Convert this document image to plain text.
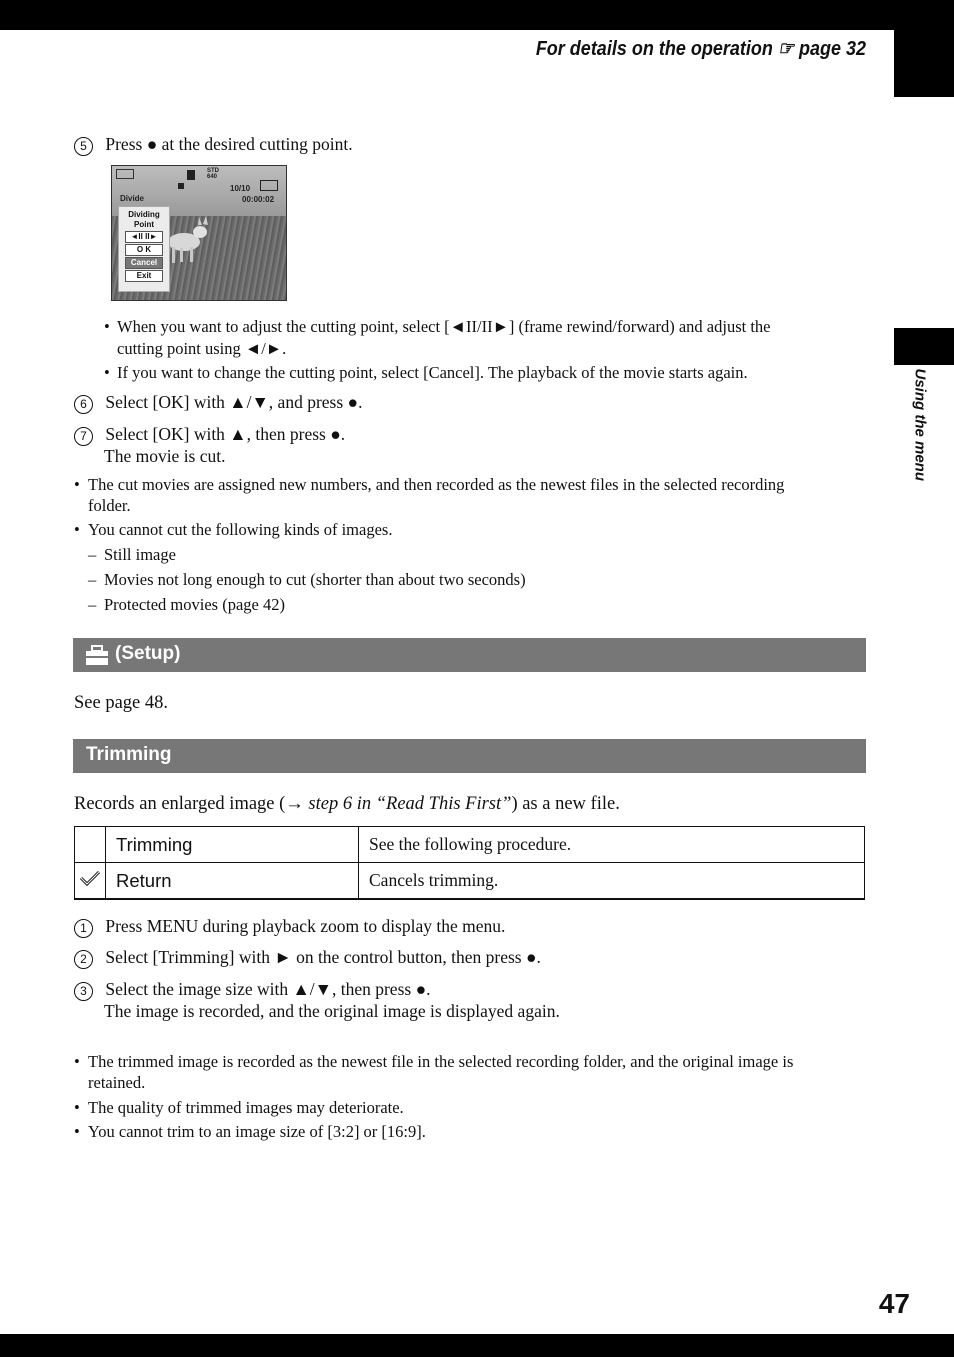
For details on the operation ☞ page 32
Using the menu
5 Press ● at the desired cutting point.
STD
640
10/10
Divide	00:00:02
Dividing
Point
◄II II►
O K
Cancel
Exit
• When you want to adjust the cutting point, select [◄II/II►] (frame rewind/forward) and adjust the
cutting point using ◄/►.
• If you want to change the cutting point, select [Cancel]. The playback of the movie starts again.
6 Select [OK] with ▲/▼, and press ●.
7 Select [OK] with ▲, then press ●.
The movie is cut.
• The cut movies are assigned new numbers, and then recorded as the newest files in the selected recording
folder.
• You cannot cut the following kinds of images.
– Still image
– Movies not long enough to cut (shorter than about two seconds)
– Protected movies (page 42)
(Setup)
See page 48.
Trimming
Records an enlarged image (→ step 6 in “Read This First”) as a new file.
	Trimming	See the following procedure.
	Return	Cancels trimming.
1 Press MENU during playback zoom to display the menu.
2 Select [Trimming] with ► on the control button, then press ●.
3 Select the image size with ▲/▼, then press ●.
The image is recorded, and the original image is displayed again.
• The trimmed image is recorded as the newest file in the selected recording folder, and the original image is
retained.
• The quality of trimmed images may deteriorate.
• You cannot trim to an image size of [3:2] or [16:9].
47
